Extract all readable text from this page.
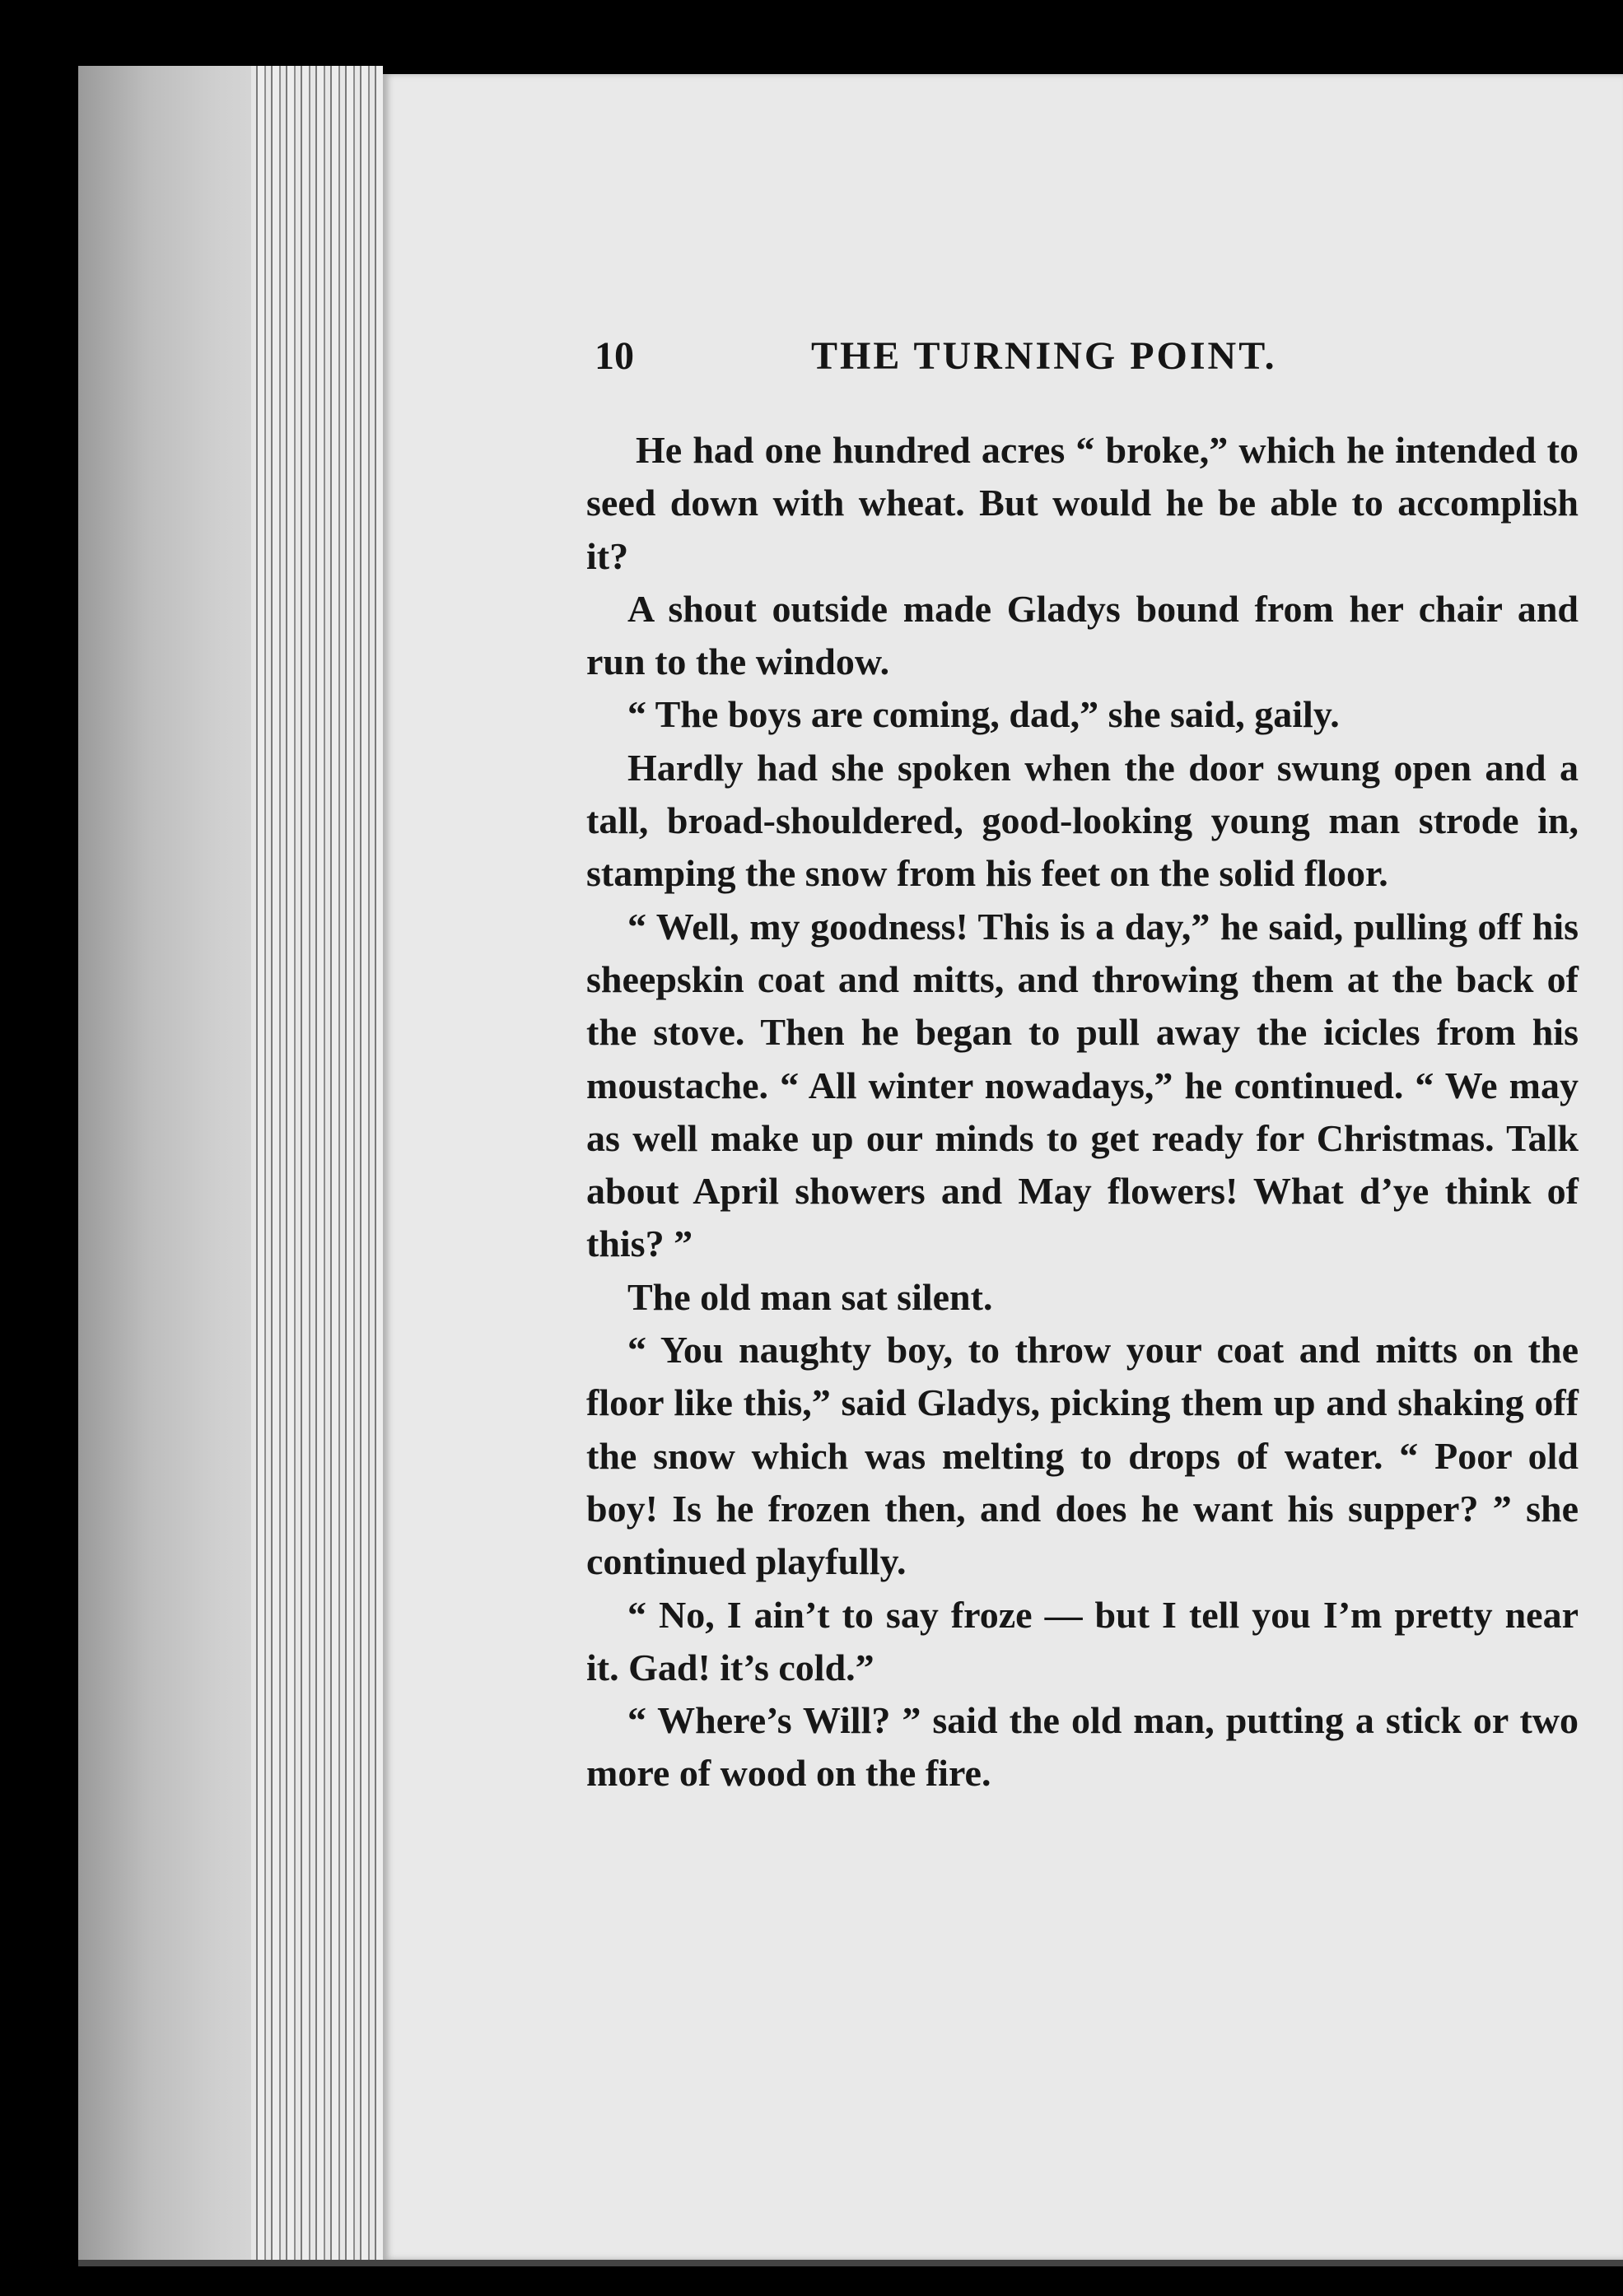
10	THE TURNING POINT.

He had one hundred acres “ broke,” which he intended to seed down with wheat. But would he be able to accomplish it?

A shout outside made Gladys bound from her chair and run to the window.

“ The boys are coming, dad,” she said, gaily.

Hardly had she spoken when the door swung open and a tall, broad-shouldered, good-looking young man strode in, stamping the snow from his feet on the solid floor.

“ Well, my goodness! This is a day,” he said, pulling off his sheepskin coat and mitts, and throwing them at the back of the stove. Then he began to pull away the icicles from his moustache. “ All winter nowadays,” he continued. “ We may as well make up our minds to get ready for Christmas. Talk about April showers and May flowers! What d’ye think of this? ”

The old man sat silent.

“ You naughty boy, to throw your coat and mitts on the floor like this,” said Gladys, picking them up and shaking off the snow which was melting to drops of water. “ Poor old boy! Is he frozen then, and does he want his supper? ” she continued playfully.

“ No, I ain’t to say froze — but I tell you I’m pretty near it. Gad! it’s cold.”

“ Where’s Will? ” said the old man, putting a stick or two more of wood on the fire.
